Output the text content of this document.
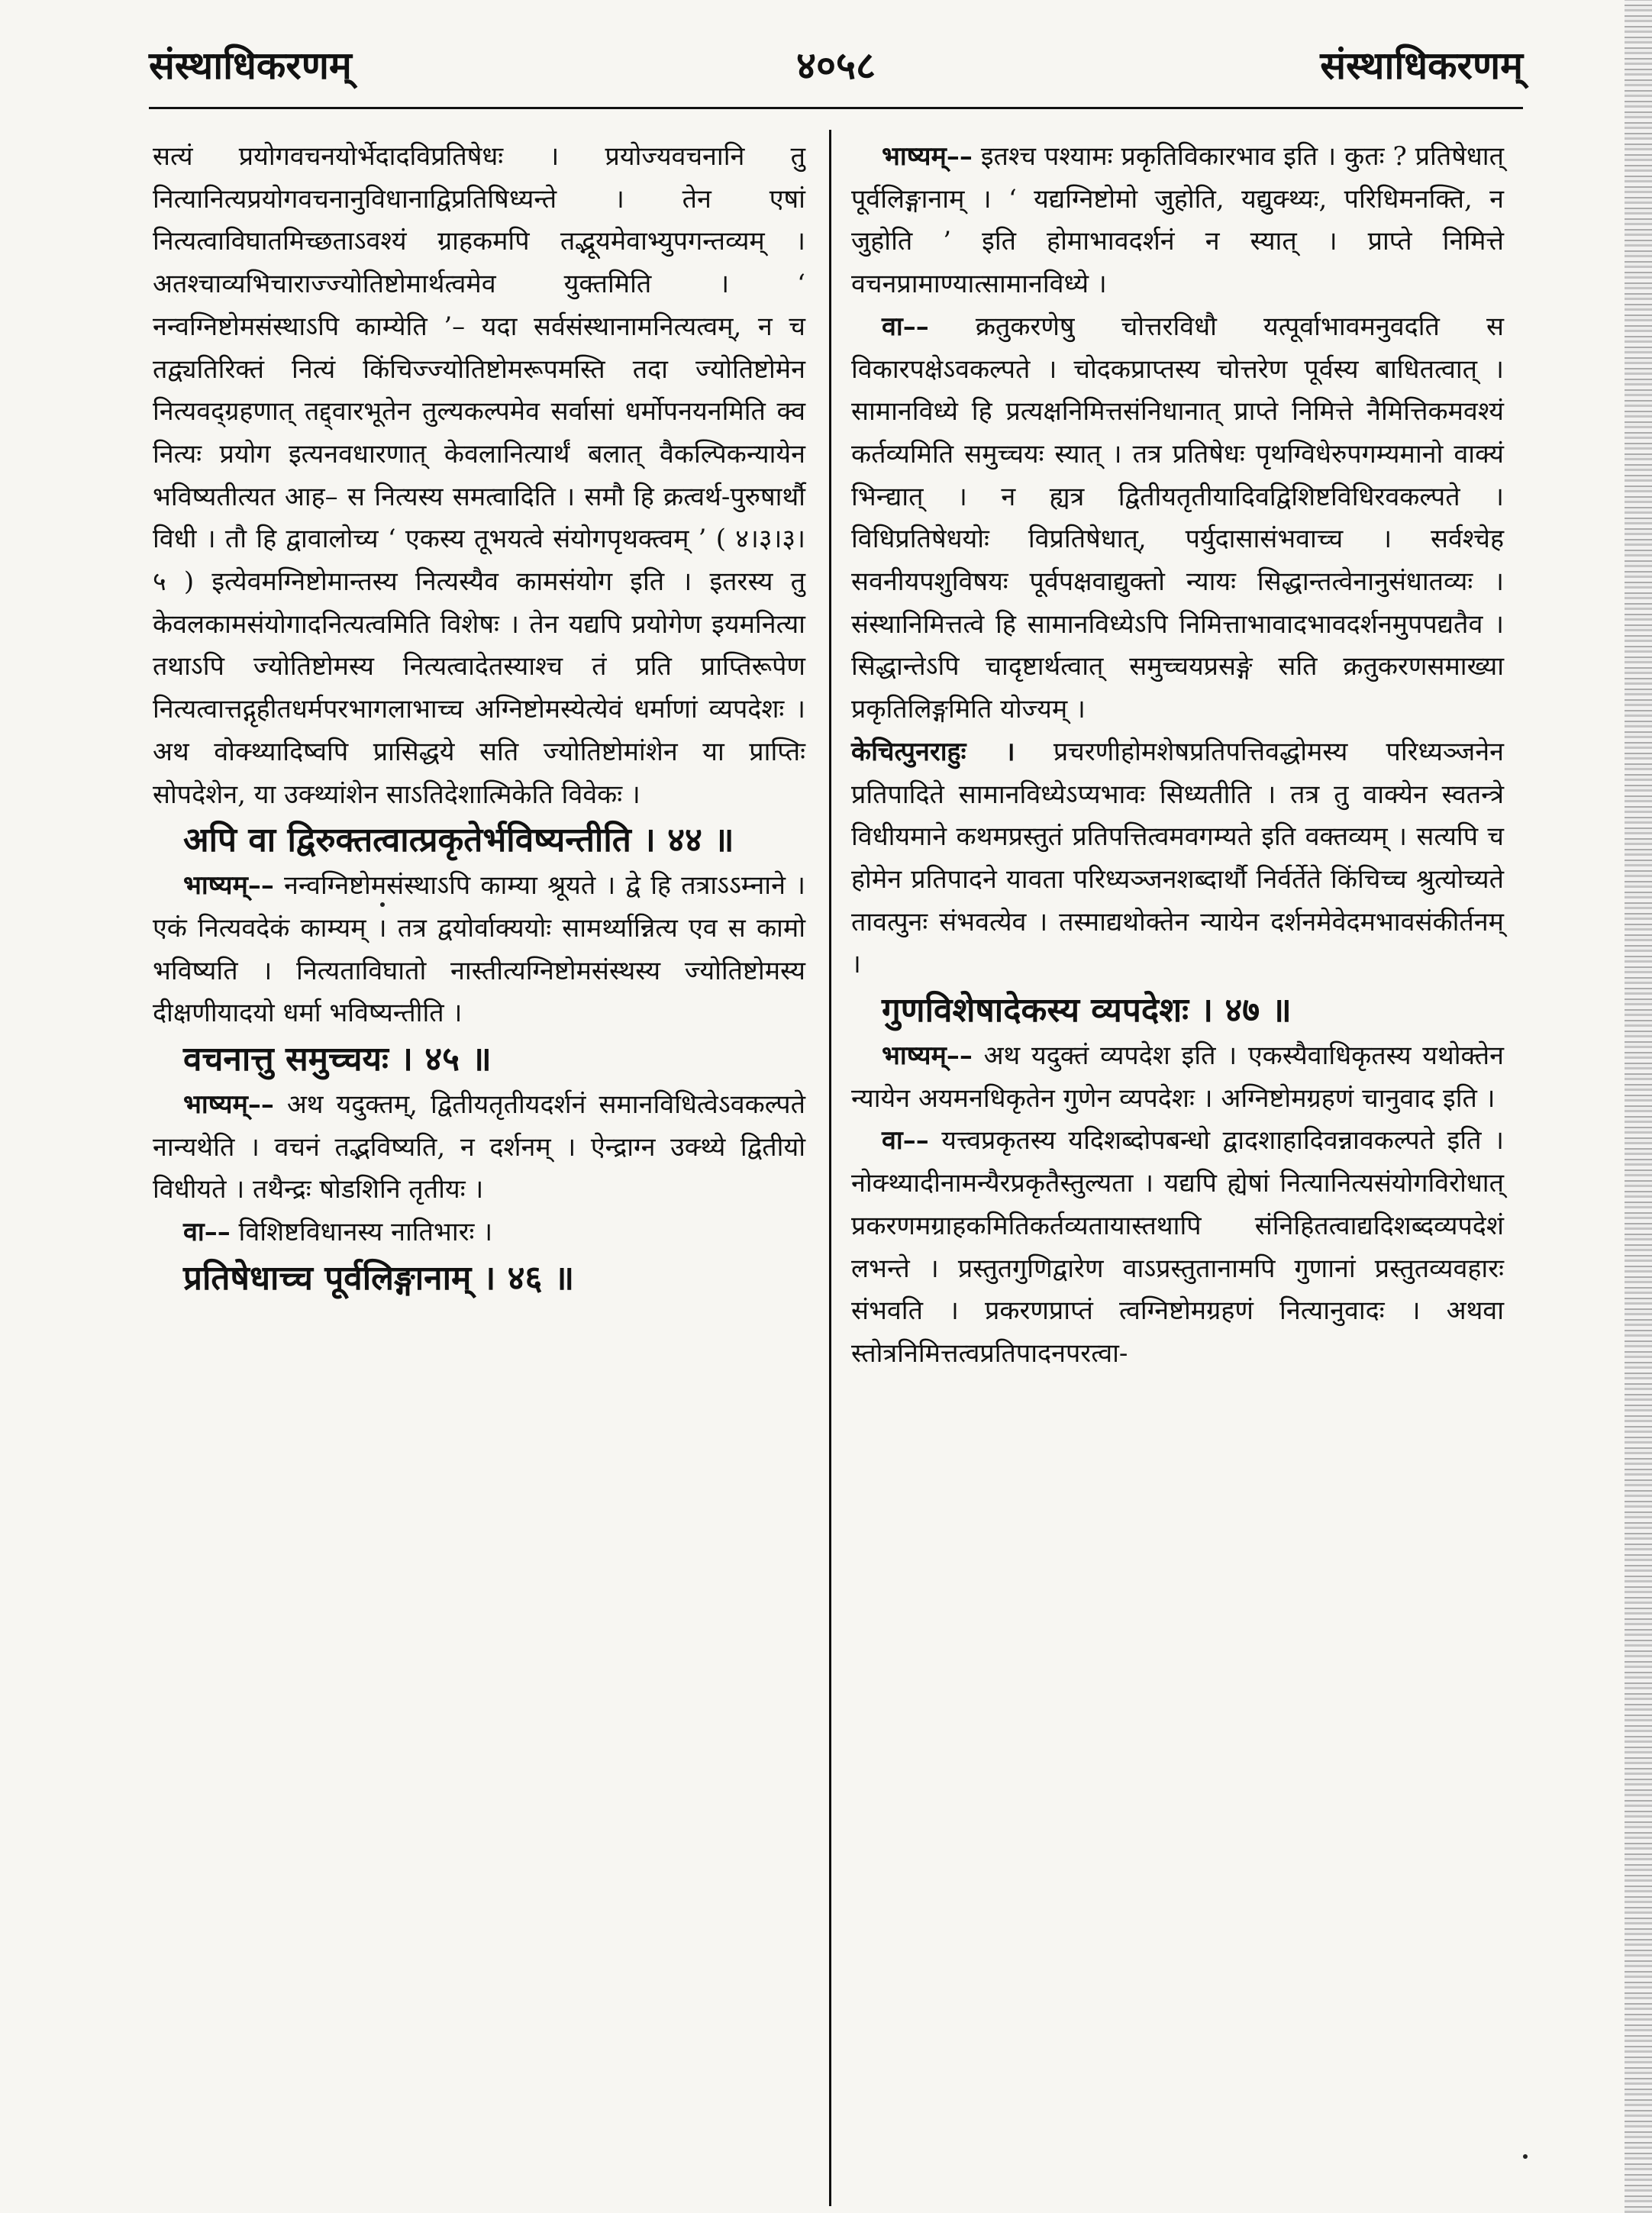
संस्थाधिकरणम्	४०५८	संस्थाधिकरणम्

सत्यं प्रयोगवचनयोर्भेदादविप्रतिषेधः । प्रयोज्यवचनानि तु नित्यानित्यप्रयोगवचनानुविधानाद्विप्रतिषिध्यन्ते । तेन एषां नित्यत्वाविघातमिच्छताऽवश्यं ग्राहकमपि तद्भूयमेवाभ्युपगन्तव्यम् । अतश्चाव्यभिचाराज्ज्योतिष्टोमार्थत्वमेव युक्तमिति । ‘ नन्वग्निष्टोमसंस्थाऽपि काम्येति ’– यदा सर्वसंस्थानामनित्यत्वम्, न च तद्व्यतिरिक्तं नित्यं किंचिज्ज्योतिष्टोमरूपमस्ति तदा ज्योतिष्टोमेन नित्यवद्ग्रहणात् तद्द्वारभूतेन तुल्यकल्पमेव सर्वासां धर्मोपनयनमिति क्व नित्यः प्रयोग इत्यनवधारणात् केवलानित्यार्थं बलात् वैकल्पिकन्यायेन भविष्यतीत्यत आह– स नित्यस्य समत्वादिति । समौ हि क्रत्वर्थ-पुरुषार्थौ विधी । तौ हि द्वावालोच्य ‘ एकस्य तूभयत्वे संयोगपृथक्त्वम् ’ ( ४।३।३।५ ) इत्येवमग्निष्टोमान्तस्य नित्यस्यैव कामसंयोग इति । इतरस्य तु केवलकामसंयोगादनित्यत्वमिति विशेषः । तेन यद्यपि प्रयोगेण इयमनित्या तथाऽपि ज्योतिष्टोमस्य नित्यत्वादेतस्याश्च तं प्रति प्राप्तिरूपेण नित्यत्वात्तद्गृहीतधर्मपरभागलाभाच्च अग्निष्टोमस्येत्येवं धर्माणां व्यपदेशः । अथ वोक्थ्यादिष्वपि प्रासिद्धये सति ज्योतिष्टोमांशेन या प्राप्तिः सोपदेशेन, या उक्थ्यांशेन साऽतिदेशात्मिकेति विवेकः ।

अपि वा द्विरुक्तत्वात्प्रकृतेर्भविष्यन्तीति । ४४ ॥

भाष्यम्–– नन्वग्निष्टोमसंस्थाऽपि काम्या श्रूयते । द्वे हि तत्राऽऽम्नाने । एकं नित्यवदेकं काम्यम् । तत्र द्वयोर्वाक्ययोः सामर्थ्यान्नित्य एव स कामो भविष्यति । नित्यताविघातो नास्तीत्यग्निष्टोमसंस्थस्य ज्योतिष्टोमस्य दीक्षणीयादयो धर्मा भविष्यन्तीति ।

वचनात्तु समुच्चयः । ४५ ॥

भाष्यम्–– अथ यदुक्तम्, द्वितीयतृतीयदर्शनं समानविधित्वेऽवकल्पते नान्यथेति । वचनं तद्भविष्यति, न दर्शनम् । ऐन्द्राग्न उक्थ्ये द्वितीयो विधीयते । तथैन्द्रः षोडशिनि तृतीयः ।

वा–– विशिष्टविधानस्य नातिभारः ।

प्रतिषेधाच्च पूर्वलिङ्गानाम् । ४६ ॥

भाष्यम्–– इतश्च पश्यामः प्रकृतिविकारभाव इति । कुतः ? प्रतिषेधात् पूर्वलिङ्गानाम् । ‘ यद्यग्निष्टोमो जुहोति, यद्युक्थ्यः, परिधिमनक्ति, न जुहोति ’ इति होमाभावदर्शनं न स्यात् । प्राप्ते निमित्ते वचनप्रामाण्यात्सामानविध्ये ।

वा–– क्रतुकरणेषु चोत्तरविधौ यत्पूर्वाभावमनुवदति स विकारपक्षेऽवकल्पते । चोदकप्राप्तस्य चोत्तरेण पूर्वस्य बाधितत्वात् । सामानविध्ये हि प्रत्यक्षनिमित्तसंनिधानात् प्राप्ते निमित्ते नैमित्तिकमवश्यं कर्तव्यमिति समुच्चयः स्यात् । तत्र प्रतिषेधः पृथग्विधेरुपगम्यमानो वाक्यं भिन्द्यात् । न ह्यत्र द्वितीयतृतीयादिवद्विशिष्टविधिरवकल्पते । विधिप्रतिषेधयोः विप्रतिषेधात्, पर्युदासासंभवाच्च । सर्वश्चेह सवनीयपशुविषयः पूर्वपक्षवाद्युक्तो न्यायः सिद्धान्तत्वेनानुसंधातव्यः । संस्थानिमित्तत्वे हि सामानविध्येऽपि निमित्ताभावादभावदर्शनमुपपद्यतैव । सिद्धान्तेऽपि चादृष्टार्थत्वात् समुच्चयप्रसङ्गे सति क्रतुकरणसमाख्या प्रकृतिलिङ्गमिति योज्यम् ।

केचित्पुनराहुः । प्रचरणीहोमशेषप्रतिपत्तिवद्धोमस्य परिध्यञ्जनेन प्रतिपादिते सामानविध्येऽप्यभावः सिध्यतीति । तत्र तु वाक्येन स्वतन्त्रे विधीयमाने कथमप्रस्तुतं प्रतिपत्तित्वमवगम्यते इति वक्तव्यम् । सत्यपि च होमेन प्रतिपादने यावता परिध्यञ्जनशब्दार्थौ निर्वर्तेते किंचिच्च श्रुत्योच्यते तावत्पुनः संभवत्येव । तस्माद्यथोक्तेन न्यायेन दर्शनमेवेदमभावसंकीर्तनम् ।

गुणविशेषादेकस्य व्यपदेशः । ४७ ॥

भाष्यम्–– अथ यदुक्तं व्यपदेश इति । एकस्यैवाधिकृतस्य यथोक्तेन न्यायेन अयमनधिकृतेन गुणेन व्यपदेशः । अग्निष्टोमग्रहणं चानुवाद इति ।

वा–– यत्त्वप्रकृतस्य यदिशब्दोपबन्धो द्वादशाहादिवन्नावकल्पते इति । नोक्थ्यादीनामन्यैरप्रकृतैस्तुल्यता । यद्यपि ह्येषां नित्यानित्यसंयोगविरोधात् प्रकरणमग्राहकमितिकर्तव्यतायास्तथापि संनिहितत्वाद्यदिशब्दव्यपदेशं लभन्ते । प्रस्तुतगुणिद्वारेण वाऽप्रस्तुतानामपि गुणानां प्रस्तुतव्यवहारः संभवति । प्रकरणप्राप्तं त्वग्निष्टोमग्रहणं नित्यानुवादः । अथवा स्तोत्रनिमित्तत्वप्रतिपादनपरत्वा-
